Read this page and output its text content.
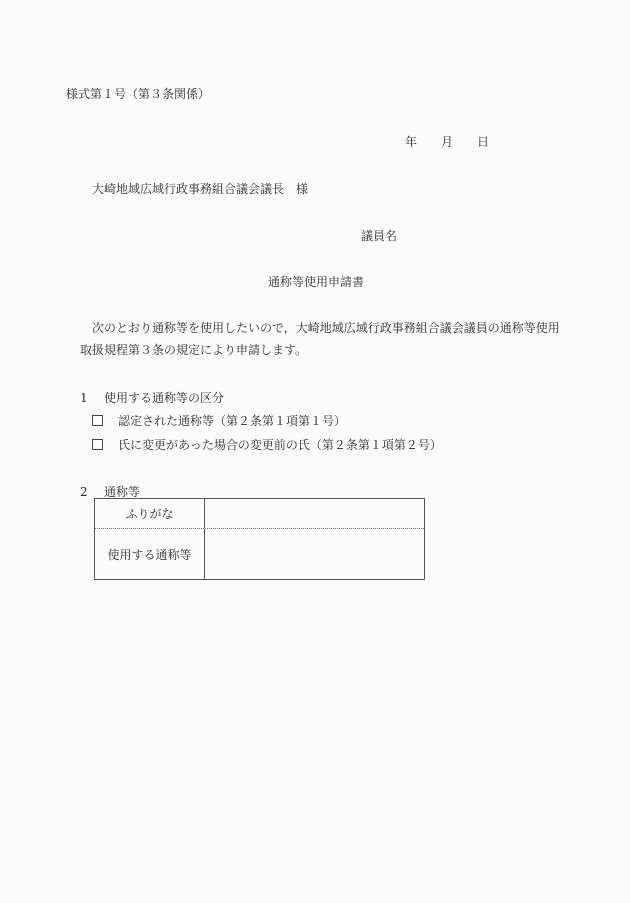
様式第１号（第３条関係）
年 月 日
大崎地域広域行政事務組合議会議長 様
議員名
通称等使用申請書
次のとおり通称等を使用したいので，大崎地域広域行政事務組合議会議員の通称等使用
取扱規程第３条の規定により申請します。
1 使用する通称等の区分
認定された通称等（第２条第１項第１号）
氏に変更があった場合の変更前の氏（第２条第１項第２号）
2 通称等
ふりがな
使用する通称等
